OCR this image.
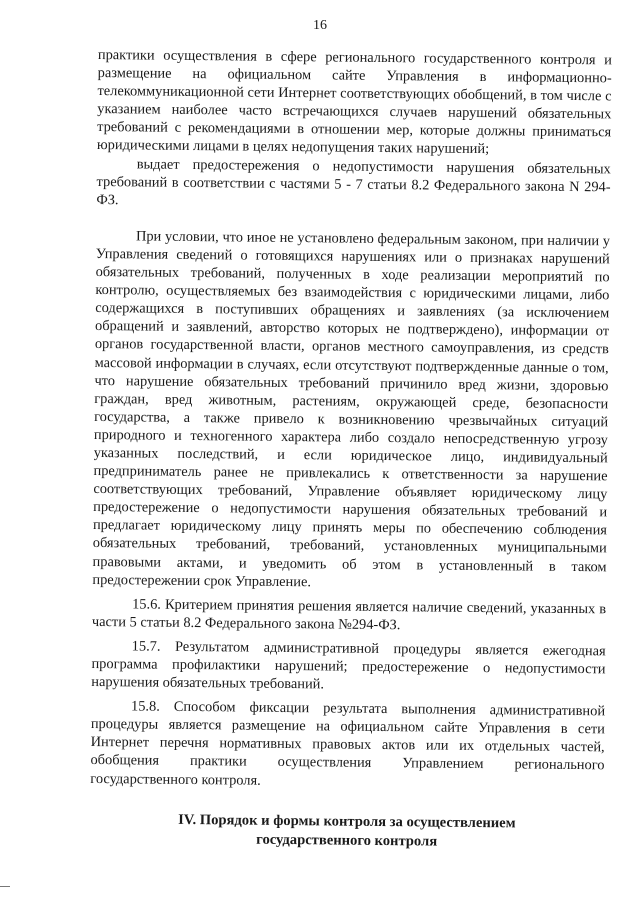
16

практики осуществления в сфере регионального государственного контроля и размещение на официальном сайте Управления в информационно-телекоммуникационной сети Интернет соответствующих обобщений, в том числе с указанием наиболее часто встречающихся случаев нарушений обязательных требований с рекомендациями в отношении мер, которые должны приниматься юридическими лицами в целях недопущения таких нарушений;

выдает предостережения о недопустимости нарушения обязательных требований в соответствии с частями 5 - 7 статьи 8.2 Федерального закона N 294-ФЗ.

При условии, что иное не установлено федеральным законом, при наличии у Управления сведений о готовящихся нарушениях или о признаках нарушений обязательных требований, полученных в ходе реализации мероприятий по контролю, осуществляемых без взаимодействия с юридическими лицами, либо содержащихся в поступивших обращениях и заявлениях (за исключением обращений и заявлений, авторство которых не подтверждено), информации от органов государственной власти, органов местного самоуправления, из средств массовой информации в случаях, если отсутствуют подтвержденные данные о том, что нарушение обязательных требований причинило вред жизни, здоровью граждан, вред животным, растениям, окружающей среде, безопасности государства, а также привело к возникновению чрезвычайных ситуаций природного и техногенного характера либо создало непосредственную угрозу указанных последствий, и если юридическое лицо, индивидуальный предприниматель ранее не привлекались к ответственности за нарушение соответствующих требований, Управление объявляет юридическому лицу предостережение о недопустимости нарушения обязательных требований и предлагает юридическому лицу принять меры по обеспечению соблюдения обязательных требований, требований, установленных муниципальными правовыми актами, и уведомить об этом в установленный в таком предостережении срок Управление.

15.6. Критерием принятия решения является наличие сведений, указанных в части 5 статьи 8.2 Федерального закона №294-ФЗ.

15.7. Результатом административной процедуры является ежегодная программа профилактики нарушений; предостережение о недопустимости нарушения обязательных требований.

15.8. Способом фиксации результата выполнения административной процедуры является размещение на официальном сайте Управления в сети Интернет перечня нормативных правовых актов или их отдельных частей, обобщения практики осуществления Управлением регионального государственного контроля.

IV. Порядок и формы контроля за осуществлением государственного контроля
